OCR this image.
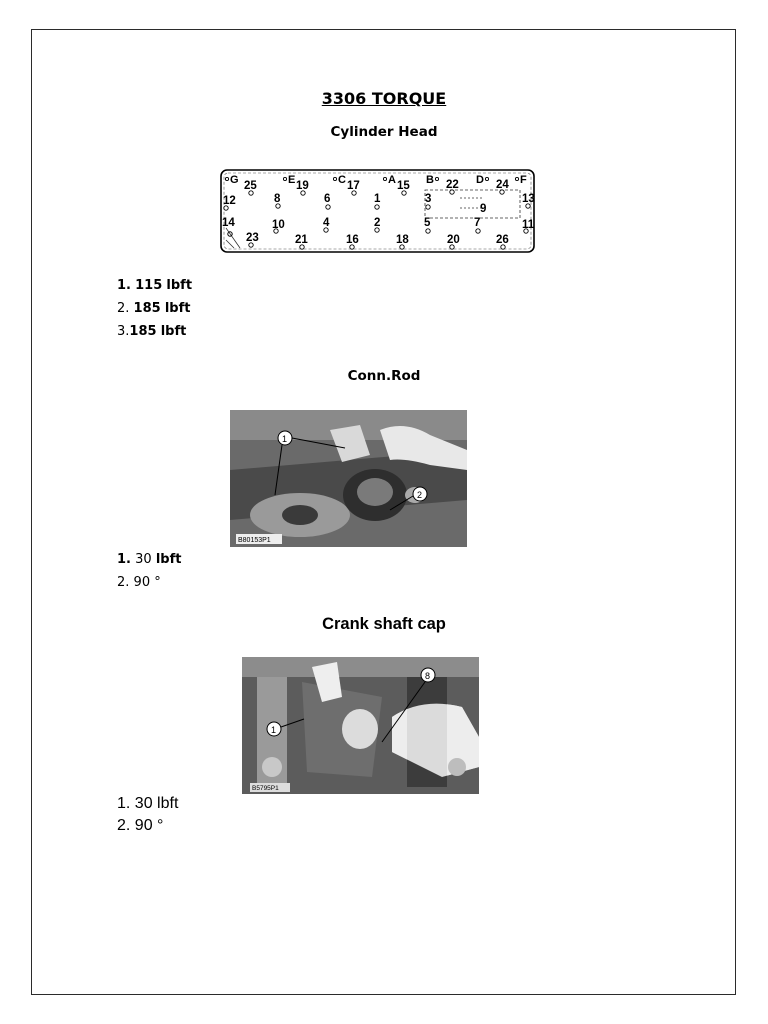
3306 TORQUE
Cylinder Head
G	E	C	A	B	D	F
25	19	17	15	22	24
12	8	6	1	3
9
13
14	10	4	2	5	7	11
23	21	16	18	20	26
1. 115 lbft
2. 185 lbft
3.185 lbft
Conn.Rod
1
2
B80153P1
1. 30 lbft
2. 90 °
Crank shaft cap
1
8
B5795P1
1. 30 lbft
2. 90 °
